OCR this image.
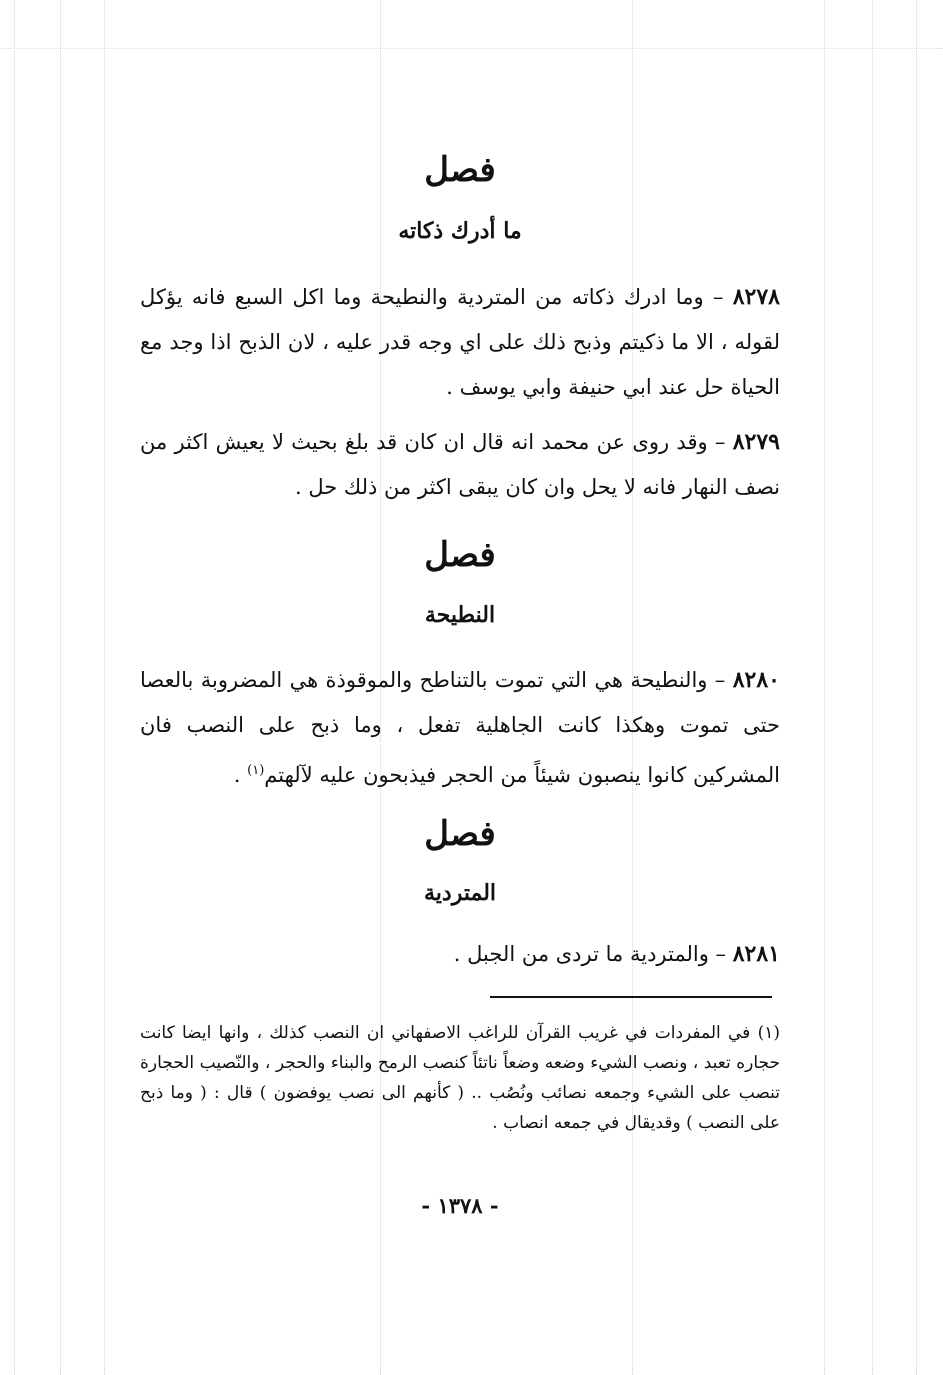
فصل
ما أدرك ذكاته
٨٢٧٨ – وما ادرك ذكاته من المتردية والنطيحة وما اكل السبع فانه يؤكل لقوله ، الا ما ذكيتم وذبح ذلك على اي وجه قدر عليه ، لان الذبح اذا وجد مع الحياة حل عند ابي حنيفة وابي يوسف .
٨٢٧٩ – وقد روى عن محمد انه قال ان كان قد بلغ بحيث لا يعيش اكثر من نصف النهار فانه لا يحل وان كان يبقى اكثر من ذلك حل .
فصل
النطيحة
٨٢٨٠ – والنطيحة هي التي تموت بالتناطح والموقوذة هي المضروبة بالعصا حتى تموت وهكذا كانت الجاهلية تفعل ، وما ذبح على النصب فان المشركين كانوا ينصبون شيئاً من الحجر فيذبحون عليه لآلهتم$^{(١)}$ .
فصل
المتردية
٨٢٨١ – والمتردية ما تردى من الجبل .
(١) في المفردات في غريب القرآن للراغب الاصفهاني ان النصب كذلك ، وانها ايضا كانت حجاره تعبد ، ونصب الشيء وضعه وضعاً ناتئاً كنصب الرمح والبناء والحجر ، والنّصيب الحجارة تنصب على الشيء وجمعه نصائب ونُصُب .. ( كأنهم الى نصب يوفضون ) قال : ( وما ذبح على النصب ) وقديقال في جمعه انصاب .
- ١٣٧٨ -
